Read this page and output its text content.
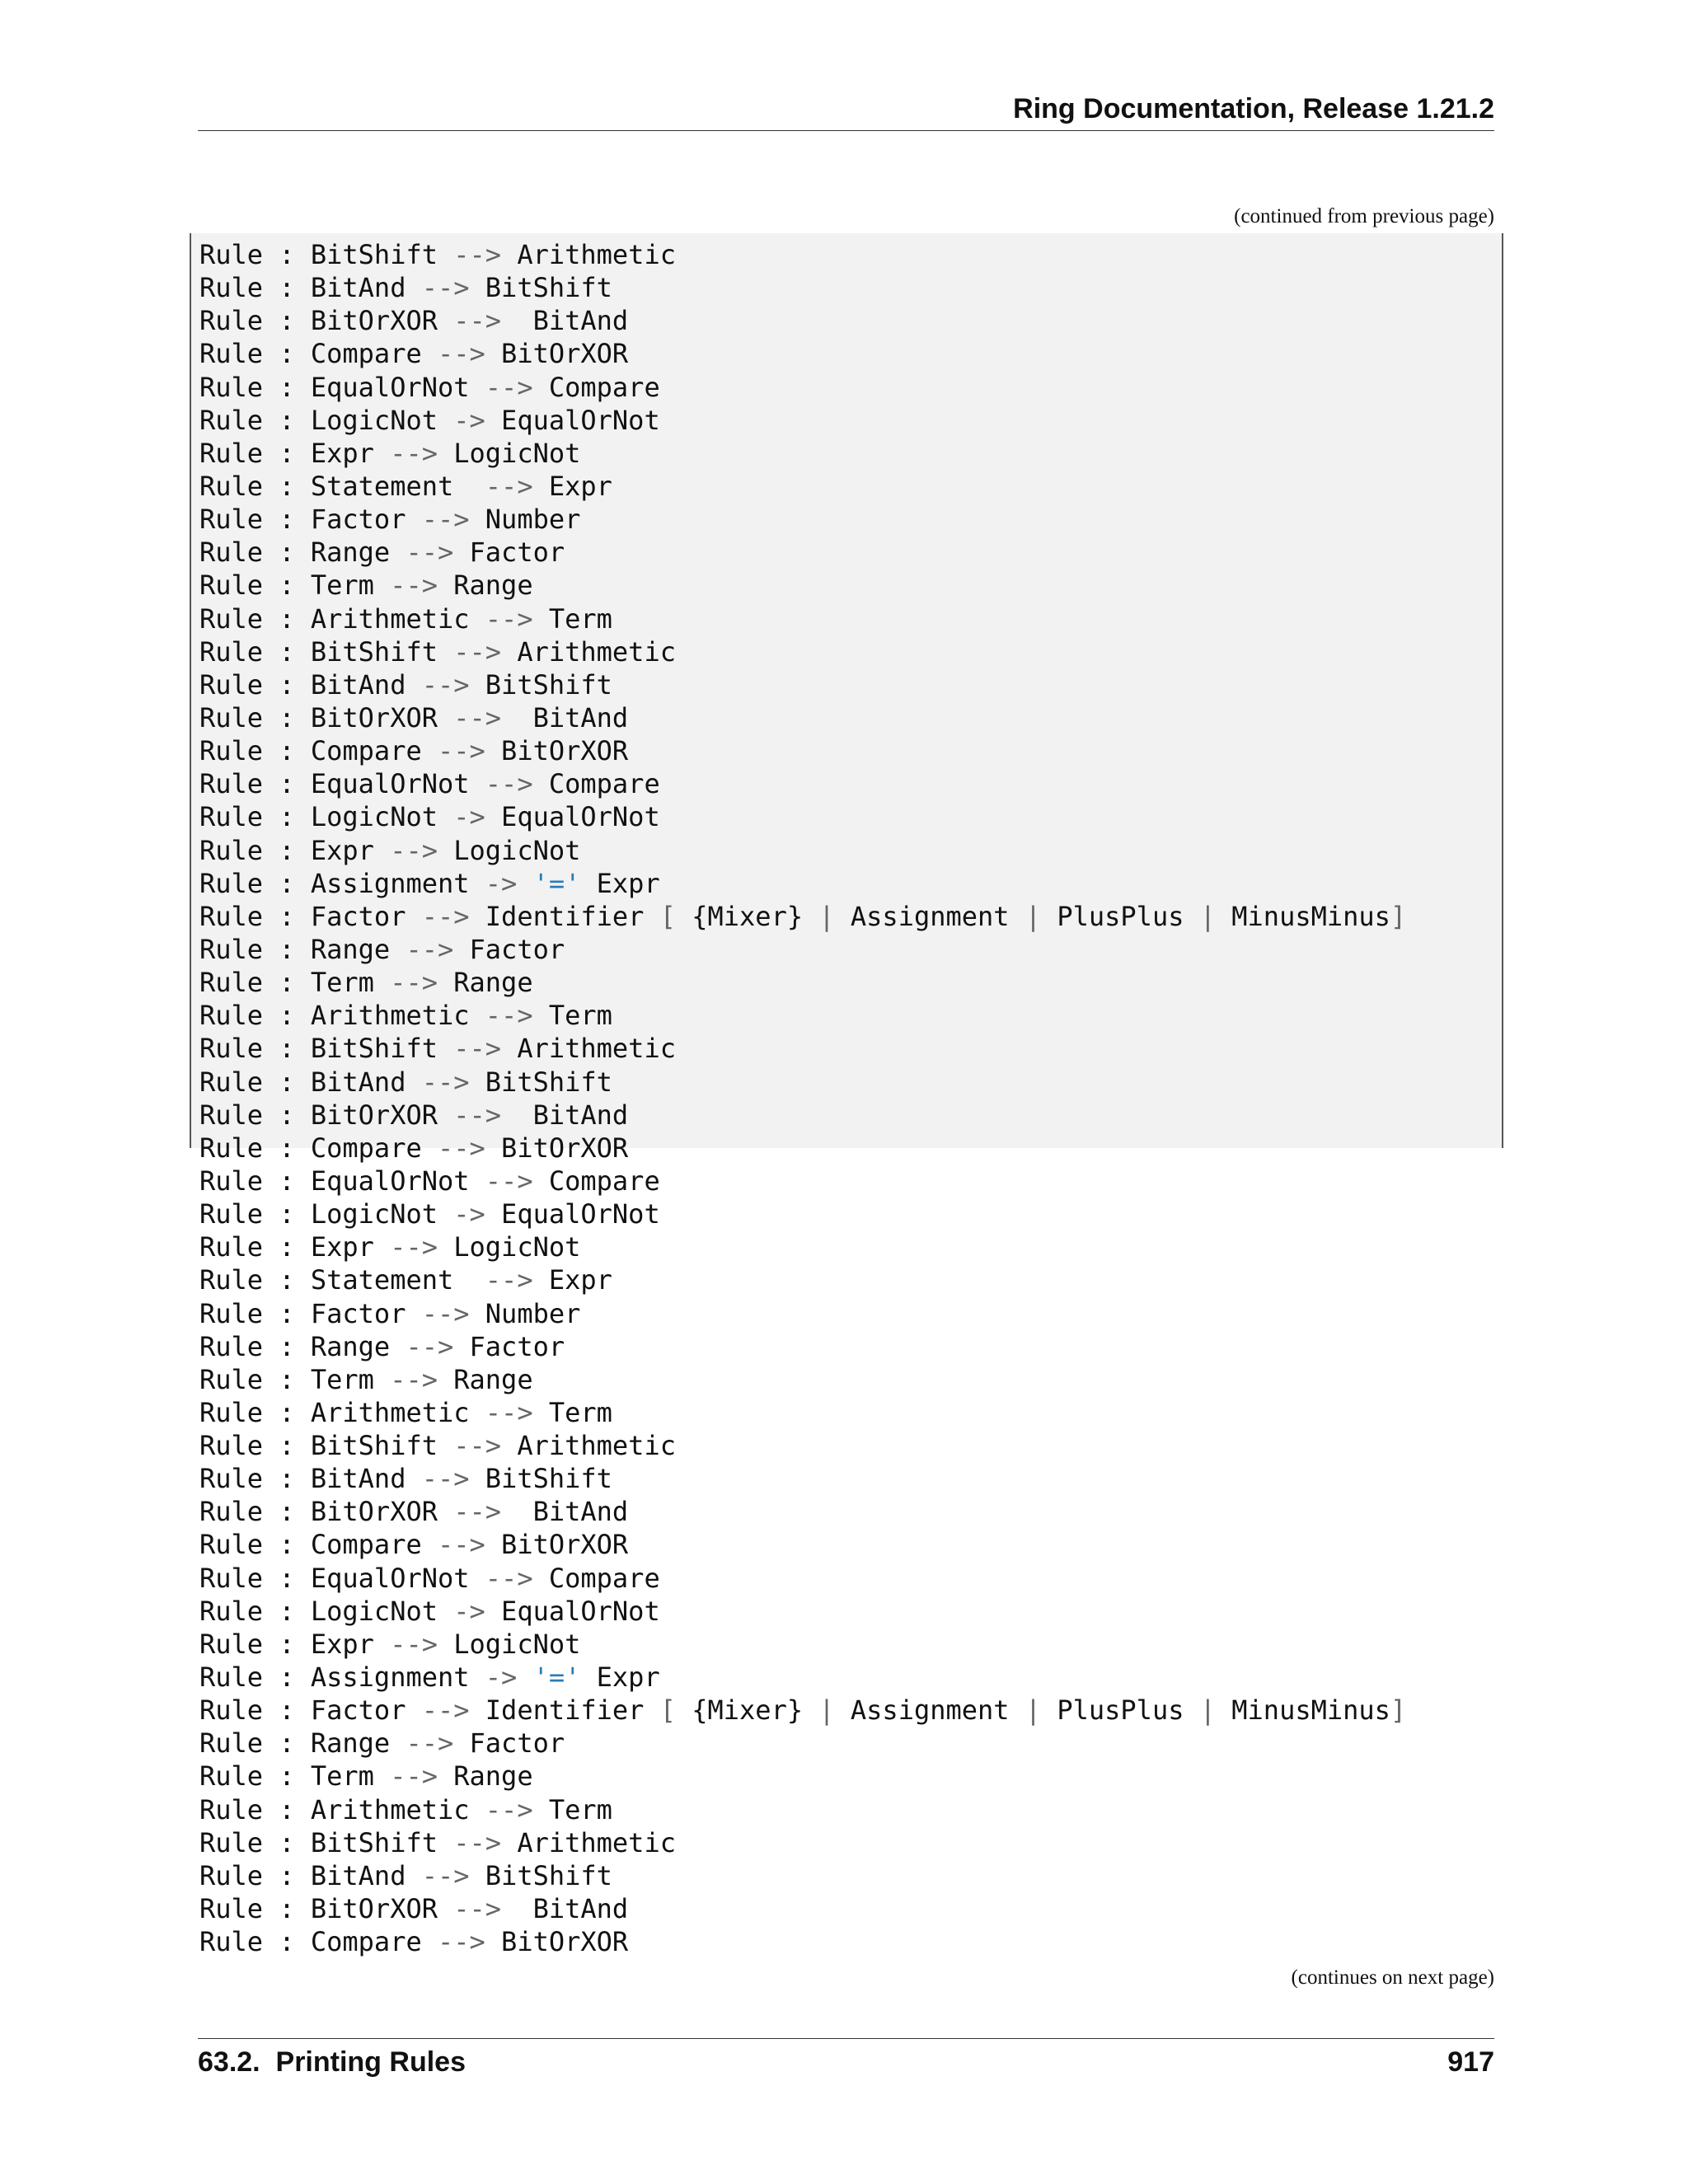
Ring Documentation, Release 1.21.2
(continued from previous page)
Rule : BitShift --> Arithmetic
Rule : BitAnd --> BitShift
Rule : BitOrXOR -->  BitAnd
Rule : Compare --> BitOrXOR
Rule : EqualOrNot --> Compare
Rule : LogicNot -> EqualOrNot
Rule : Expr --> LogicNot
Rule : Statement  --> Expr
Rule : Factor --> Number
Rule : Range --> Factor
Rule : Term --> Range
Rule : Arithmetic --> Term
Rule : BitShift --> Arithmetic
Rule : BitAnd --> BitShift
Rule : BitOrXOR -->  BitAnd
Rule : Compare --> BitOrXOR
Rule : EqualOrNot --> Compare
Rule : LogicNot -> EqualOrNot
Rule : Expr --> LogicNot
Rule : Assignment -> '=' Expr
Rule : Factor --> Identifier [ {Mixer} | Assignment | PlusPlus | MinusMinus]
Rule : Range --> Factor
Rule : Term --> Range
Rule : Arithmetic --> Term
Rule : BitShift --> Arithmetic
Rule : BitAnd --> BitShift
Rule : BitOrXOR -->  BitAnd
Rule : Compare --> BitOrXOR
Rule : EqualOrNot --> Compare
Rule : LogicNot -> EqualOrNot
Rule : Expr --> LogicNot
Rule : Statement  --> Expr
Rule : Factor --> Number
Rule : Range --> Factor
Rule : Term --> Range
Rule : Arithmetic --> Term
Rule : BitShift --> Arithmetic
Rule : BitAnd --> BitShift
Rule : BitOrXOR -->  BitAnd
Rule : Compare --> BitOrXOR
Rule : EqualOrNot --> Compare
Rule : LogicNot -> EqualOrNot
Rule : Expr --> LogicNot
Rule : Assignment -> '=' Expr
Rule : Factor --> Identifier [ {Mixer} | Assignment | PlusPlus | MinusMinus]
Rule : Range --> Factor
Rule : Term --> Range
Rule : Arithmetic --> Term
Rule : BitShift --> Arithmetic
Rule : BitAnd --> BitShift
Rule : BitOrXOR -->  BitAnd
Rule : Compare --> BitOrXOR
(continues on next page)
63.2.  Printing Rules	917
